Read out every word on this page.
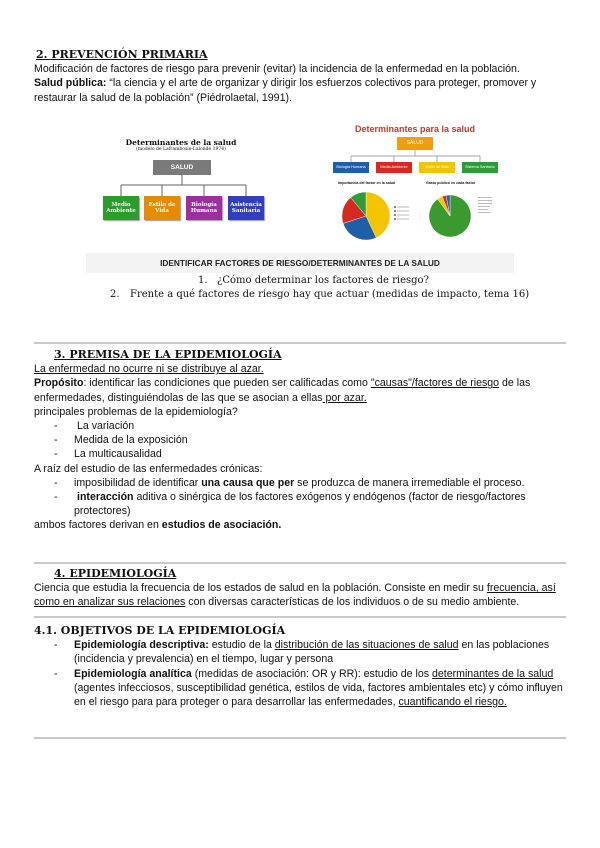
2. PREVENCIÓN PRIMARIA
Modificación de factores de riesgo para prevenir (evitar) la incidencia de la enfermedad en la población.
Salud pública: “la ciencia y el arte de organizar y dirigir los esfuerzos colectivos para proteger, promover y restaurar la salud de la población” (Piédrolaetal, 1991).
Determinantes de la salud
(modelo de Laframbosie-Lalonde 1974)
SALUD
Medio Ambiente
Estilo de Vida
Biología Humana
Asistencia Sanitaria
Determinantes para la salud
SALUD
Biología Humana	Medio Ambiente	Estilo de Vida	Sistema Sanitario
Importancia del factor en la salud	Gasto público en cada factor
IDENTIFICAR FACTORES DE RIESGO/DETERMINANTES DE LA SALUD
1. ¿Cómo determinar los factores de riesgo?
2. Frente a qué factores de riesgo hay que actuar (medidas de impacto, tema 16)
3. PREMISA DE LA EPIDEMIOLOGÍA
La enfermedad no ocurre ni se distribuye al azar.
Propósito: identificar las condiciones que pueden ser calificadas como "causas"/factores de riesgo de las enfermedades, distinguiéndolas de las que se asocian a ellas por azar.
principales problemas de la epidemiología?
- La variación
- Medida de la exposición
- La multicausalidad
A raíz del estudio de las enfermedades crónicas:
- imposibilidad de identificar una causa que per se produzca de manera irremediable el proceso.
- interacción aditiva o sinérgica de los factores exógenos y endógenos (factor de riesgo/factores protectores)
ambos factores derivan en estudios de asociación.
4. EPIDEMIOLOGÍA
Ciencia que estudia la frecuencia de los estados de salud en la población. Consiste en medir su frecuencia, así como en analizar sus relaciones con diversas características de los individuos o de su medio ambiente.
4.1. OBJETIVOS DE LA EPIDEMIOLOGÍA
- Epidemiología descriptiva: estudio de la distribución de las situaciones de salud en las poblaciones (incidencia y prevalencia) en el tiempo, lugar y persona
- Epidemiología analítica (medidas de asociación: OR y RR): estudio de los determinantes de la salud (agentes infecciosos, susceptibilidad genética, estilos de vida, factores ambientales etc) y cómo influyen en el riesgo para para proteger o para desarrollar las enfermedades, cuantificando el riesgo.
